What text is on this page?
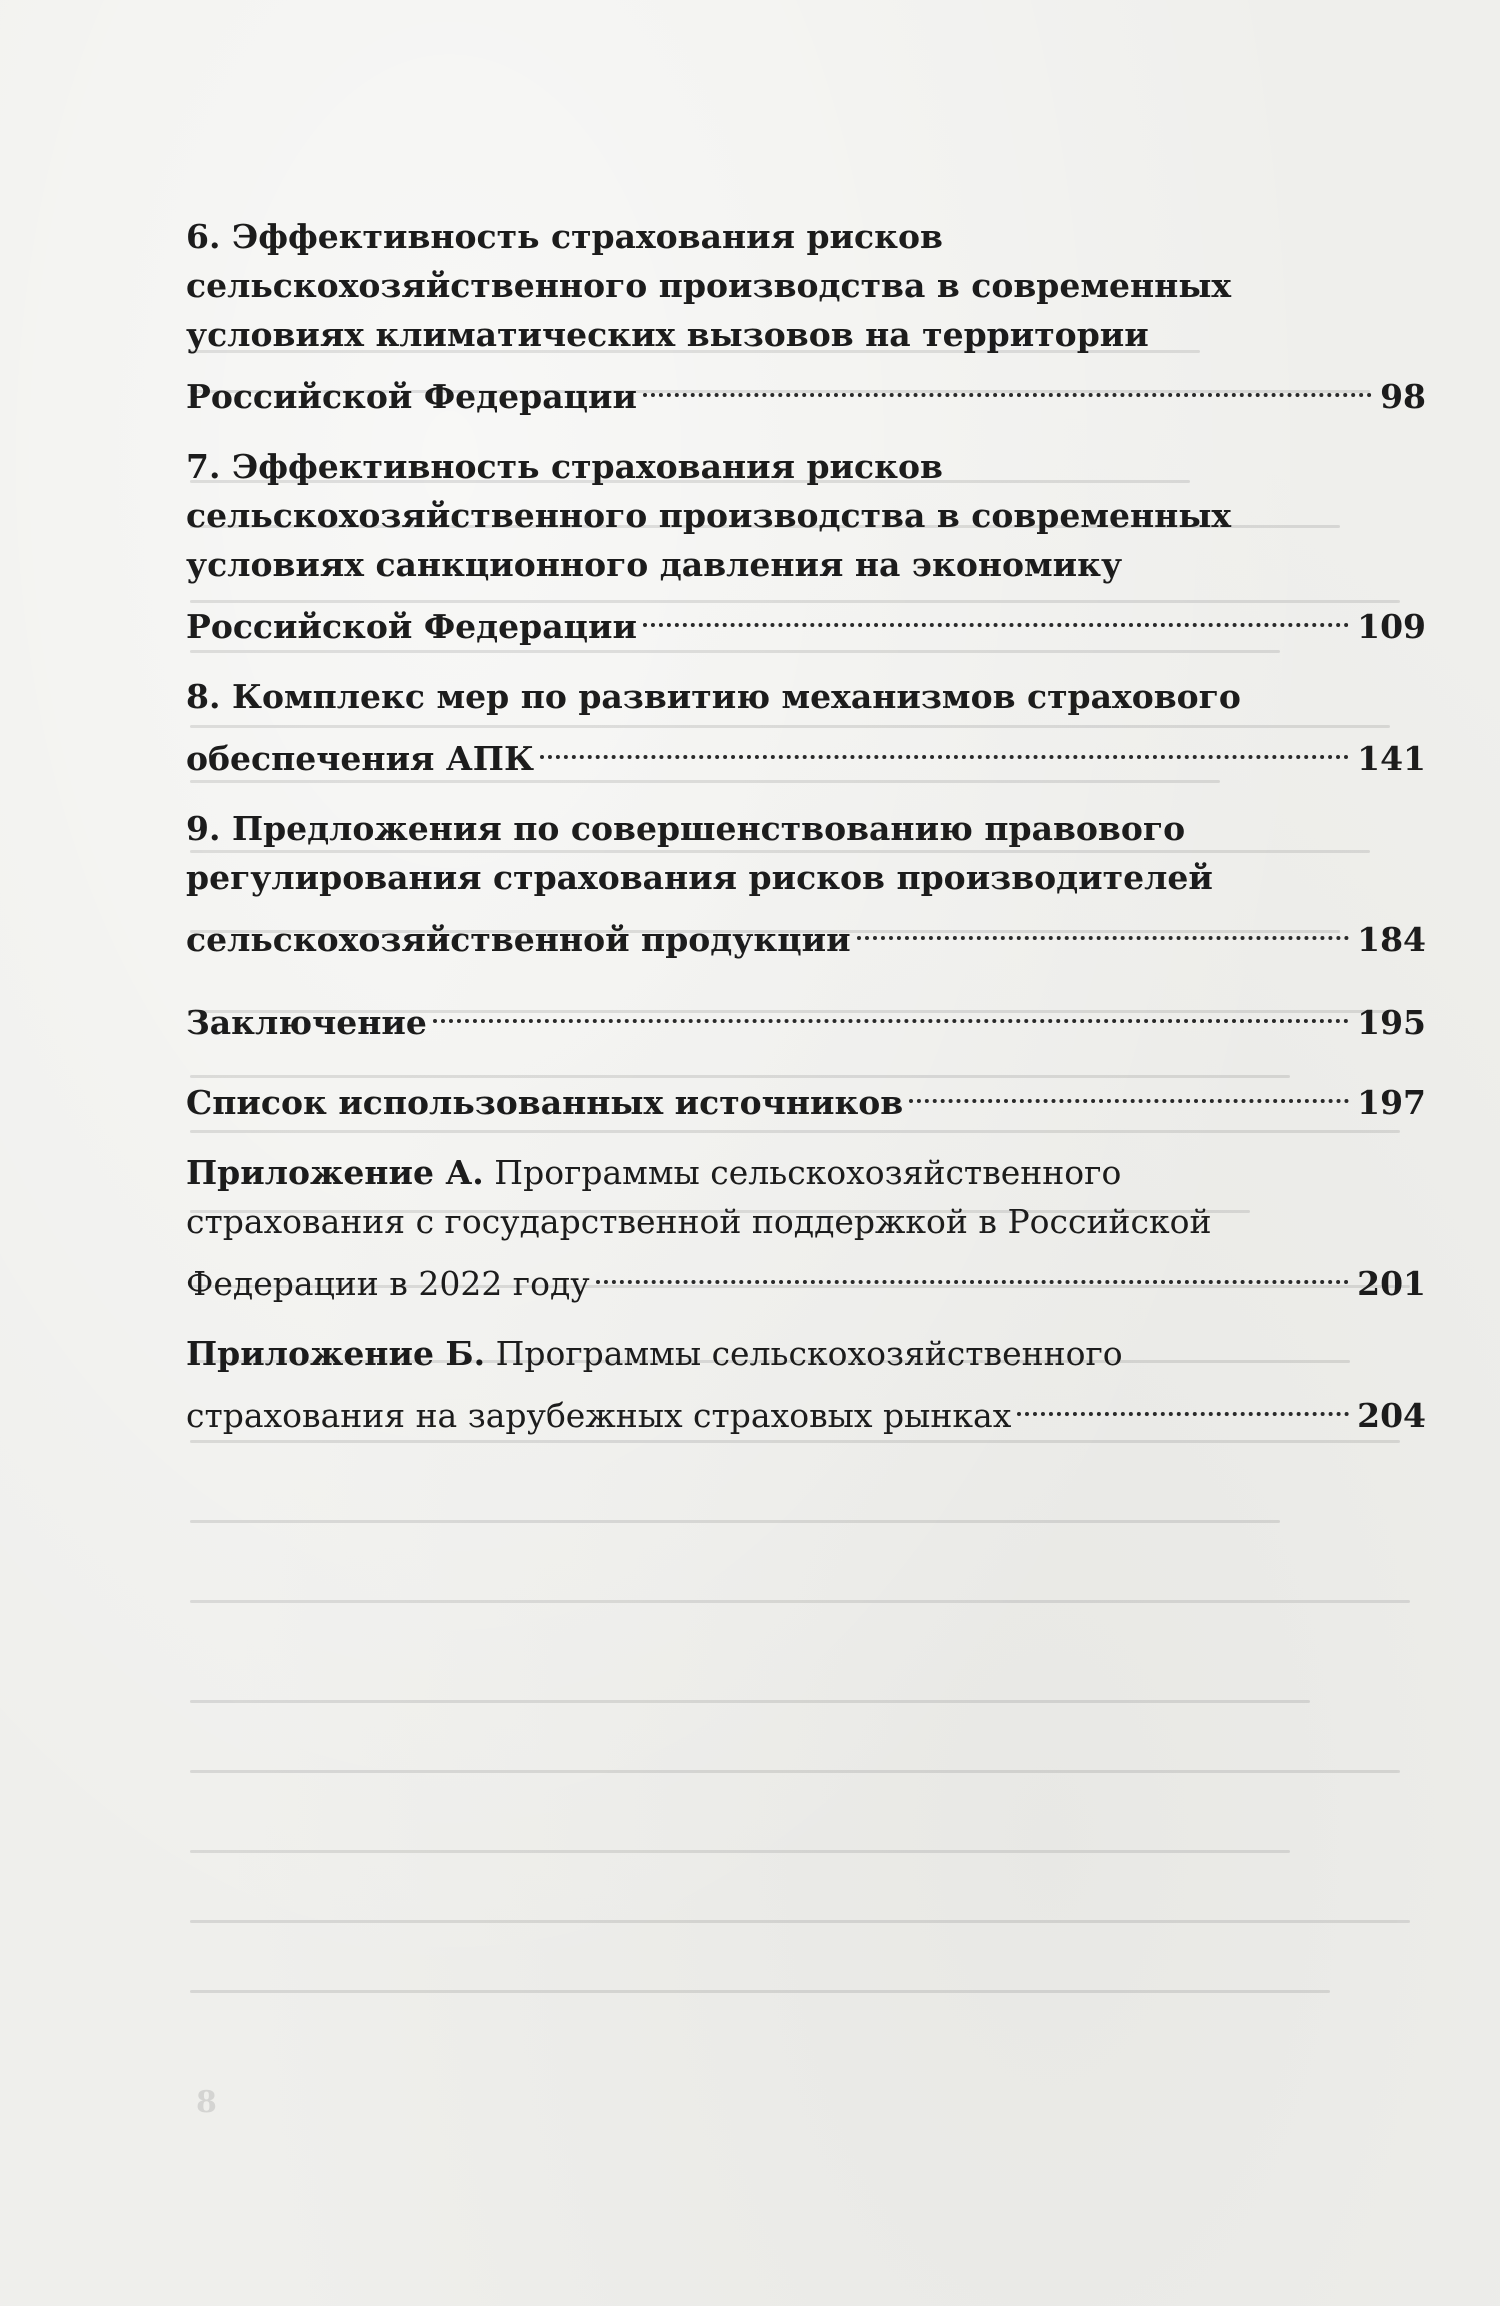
6. Эффективность страхования рисков
сельскохозяйственного производства в современных
условиях климатических вызовов на территории
Российской Федерации	98
7. Эффективность страхования рисков
сельскохозяйственного производства в современных
условиях санкционного давления на экономику
Российской Федерации	109
8. Комплекс мер по развитию механизмов страхового
обеспечения АПК	141
9. Предложения по совершенствованию правового
регулирования страхования рисков производителей
сельскохозяйственной продукции	184
Заключение	195
Список использованных источников	197
Приложение А. Программы сельскохозяйственного
страхования с государственной поддержкой в Российской
Федерации в 2022 году	201
Приложение Б. Программы сельскохозяйственного
страхования на зарубежных страховых рынках	204
8
